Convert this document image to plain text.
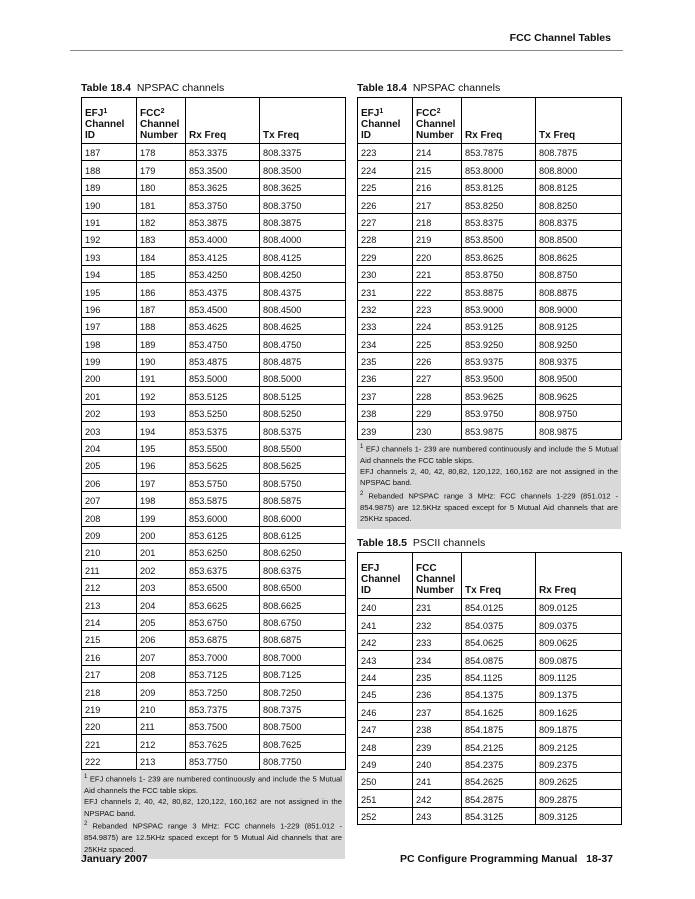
FCC Channel Tables

Table 18.4 NPSPAC channels

EFJ$^1$
Channel
ID	FCC$^2$
Channel
Number	Rx Freq	Tx Freq
187	178	853.3375	808.3375
188	179	853.3500	808.3500
189	180	853.3625	808.3625
190	181	853.3750	808.3750
191	182	853.3875	808.3875
192	183	853.4000	808.4000
193	184	853.4125	808.4125
194	185	853.4250	808.4250
195	186	853.4375	808.4375
196	187	853.4500	808.4500
197	188	853.4625	808.4625
198	189	853.4750	808.4750
199	190	853.4875	808.4875
200	191	853.5000	808.5000
201	192	853.5125	808.5125
202	193	853.5250	808.5250
203	194	853.5375	808.5375
204	195	853.5500	808.5500
205	196	853.5625	808.5625
206	197	853.5750	808.5750
207	198	853.5875	808.5875
208	199	853.6000	808.6000
209	200	853.6125	808.6125
210	201	853.6250	808.6250
211	202	853.6375	808.6375
212	203	853.6500	808.6500
213	204	853.6625	808.6625
214	205	853.6750	808.6750
215	206	853.6875	808.6875
216	207	853.7000	808.7000
217	208	853.7125	808.7125
218	209	853.7250	808.7250
219	210	853.7375	808.7375
220	211	853.7500	808.7500
221	212	853.7625	808.7625
222	213	853.7750	808.7750

$^1$ EFJ channels 1- 239 are numbered continuously and include the 5 Mutual Aid channels the FCC table skips.

EFJ channels 2, 40, 42, 80,82, 120,122, 160,162 are not assigned in the NPSPAC band.

$^2$ Rebanded NPSPAC range 3 MHz: FCC channels 1-229 (851.012 - 854.9875) are 12.5KHz spaced except for 5 Mutual Aid channels that are 25KHz spaced.

Table 18.4 NPSPAC channels

EFJ$^1$
Channel
ID	FCC$^2$
Channel
Number	Rx Freq	Tx Freq
223	214	853.7875	808.7875
224	215	853.8000	808.8000
225	216	853.8125	808.8125
226	217	853.8250	808.8250
227	218	853.8375	808.8375
228	219	853.8500	808.8500
229	220	853.8625	808.8625
230	221	853.8750	808.8750
231	222	853.8875	808.8875
232	223	853.9000	808.9000
233	224	853.9125	808.9125
234	225	853.9250	808.9250
235	226	853.9375	808.9375
236	227	853.9500	808.9500
237	228	853.9625	808.9625
238	229	853.9750	808.9750
239	230	853.9875	808.9875

$^1$ EFJ channels 1- 239 are numbered continuously and include the 5 Mutual Aid channels the FCC table skips.

EFJ channels 2, 40, 42, 80,82, 120,122, 160,162 are not assigned in the NPSPAC band.

$^2$ Rebanded NPSPAC range 3 MHz: FCC channels 1-229 (851.012 - 854.9875) are 12.5KHz spaced except for 5 Mutual Aid channels that are 25KHz spaced.

Table 18.5 PSCII channels

EFJ
Channel
ID	FCC
Channel
Number	Tx Freq	Rx Freq
240	231	854.0125	809.0125
241	232	854.0375	809.0375
242	233	854.0625	809.0625
243	234	854.0875	809.0875
244	235	854.1125	809.1125
245	236	854.1375	809.1375
246	237	854.1625	809.1625
247	238	854.1875	809.1875
248	239	854.2125	809.2125
249	240	854.2375	809.2375
250	241	854.2625	809.2625
251	242	854.2875	809.2875
252	243	854.3125	809.3125
January 2007	PC Configure Programming Manual 18-37
